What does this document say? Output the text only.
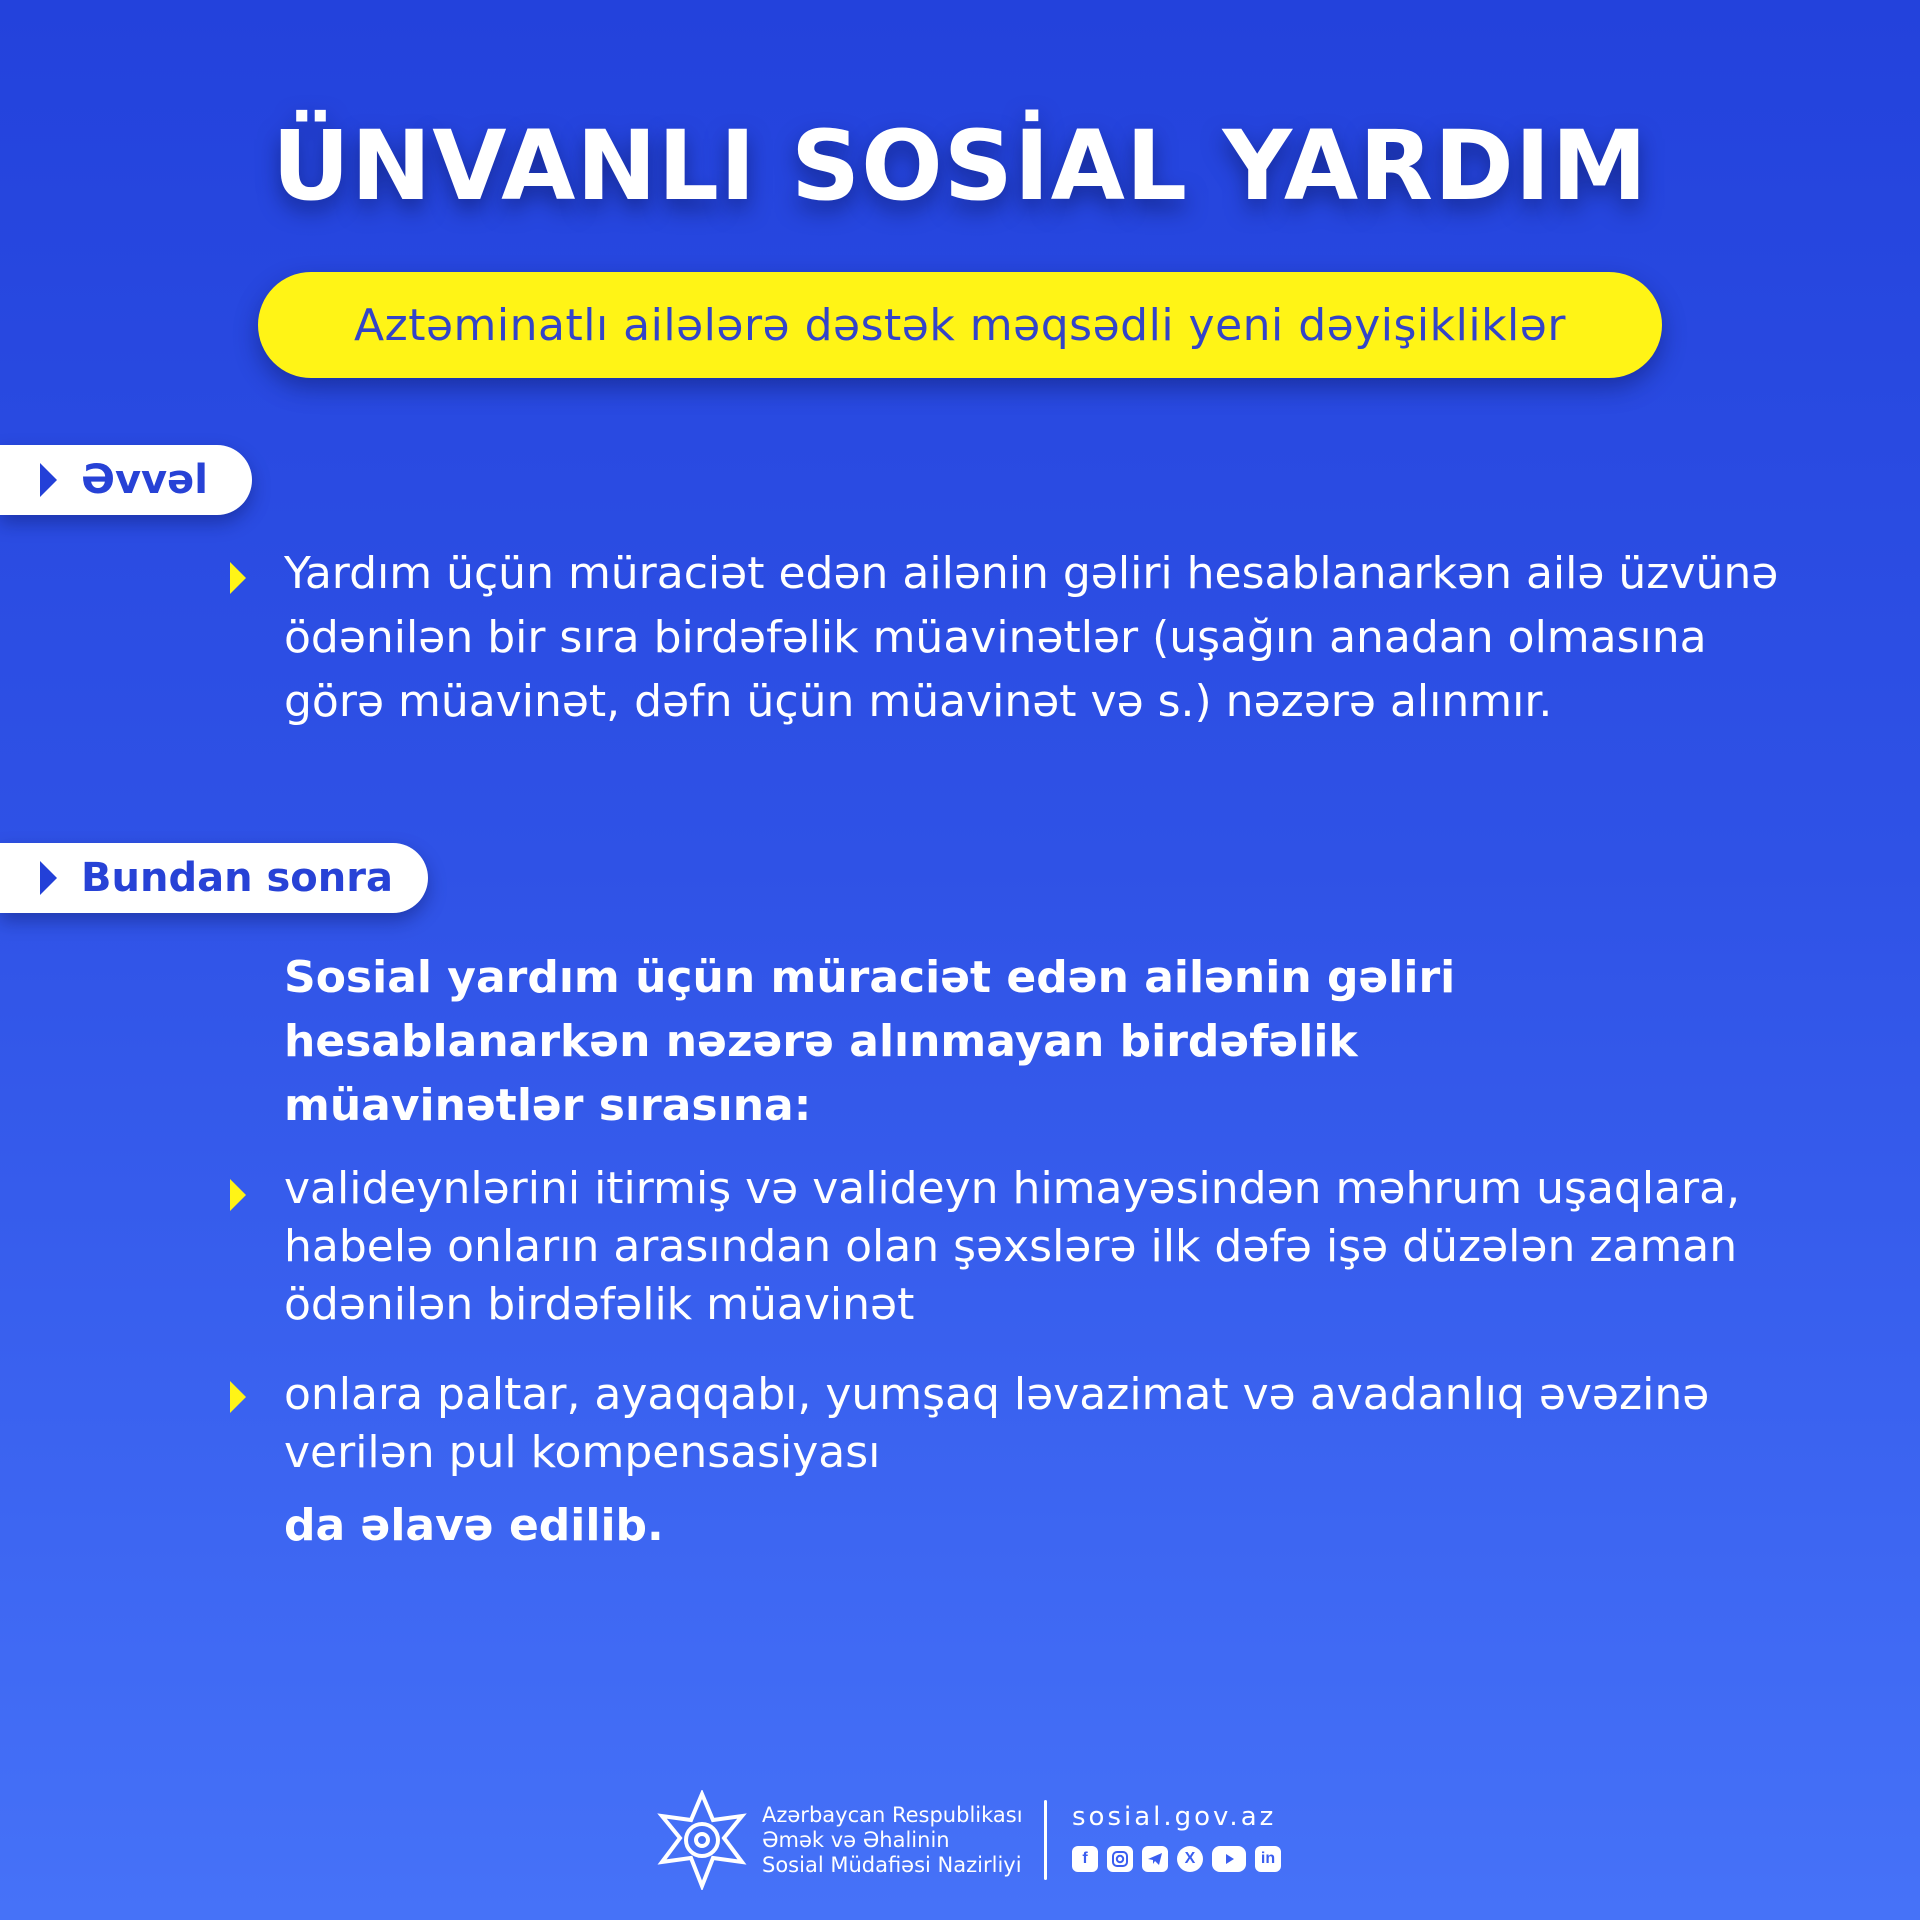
ÜNVANLI SOSİAL YARDIM
Aztəminatlı ailələrə dəstək məqsədli yeni dəyişikliklər
Əvvəl
Yardım üçün müraciət edən ailənin gəliri hesablanarkən ailə üzvünə ödənilən bir sıra birdəfəlik müavinətlər (uşağın anadan olmasına görə müavinət, dəfn üçün müavinət və s.) nəzərə alınmır.
Bundan sonra
Sosial yardım üçün müraciət edən ailənin gəliri hesablanarkən nəzərə alınmayan birdəfəlik müavinətlər sırasına:
valideynlərini itirmiş və valideyn himayəsindən məhrum uşaqlara, habelə onların arasından olan şəxslərə ilk dəfə işə düzələn zaman ödənilən birdəfəlik müavinət
onlara paltar, ayaqqabı, yumşaq ləvazimat və avadanlıq əvəzinə verilən pul kompensasiyası
da əlavə edilib.
Azərbaycan Respublikası
Əmək və Əhalinin
Sosial Müdafiəsi Nazirliyi
sosial.gov.az
f	X	in
